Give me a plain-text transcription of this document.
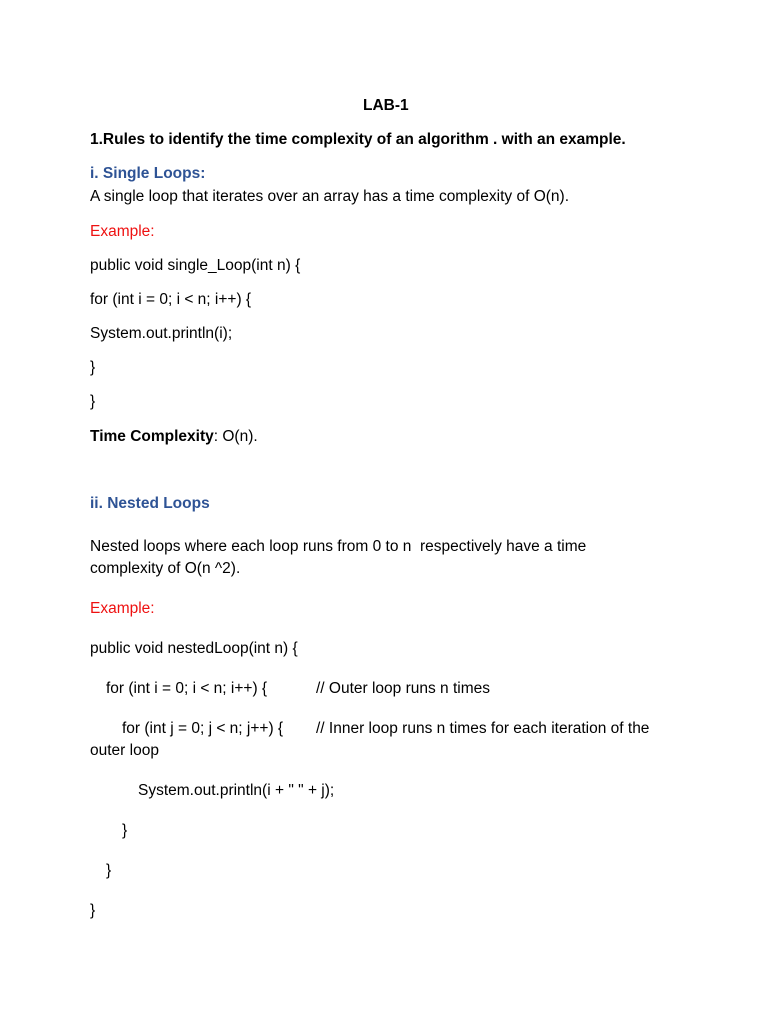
LAB-1
1.Rules to identify the time complexity of an algorithm . with an example.
i. Single Loops:
A single loop that iterates over an array has a time complexity of O(n).
Example:
public void single_Loop(int n) {
for (int i = 0; i < n; i++) {
System.out.println(i);
}
}
Time Complexity: O(n).
ii. Nested Loops
Nested loops where each loop runs from 0 to n  respectively have a time
complexity of O(n ^2).
Example:
public void nestedLoop(int n) {
for (int i = 0; i < n; i++) {	// Outer loop runs n times
for (int j = 0; j < n; j++) { // Inner loop runs n times for each iteration of the
outer loop
System.out.println(i + " " + j);
}
}
}
